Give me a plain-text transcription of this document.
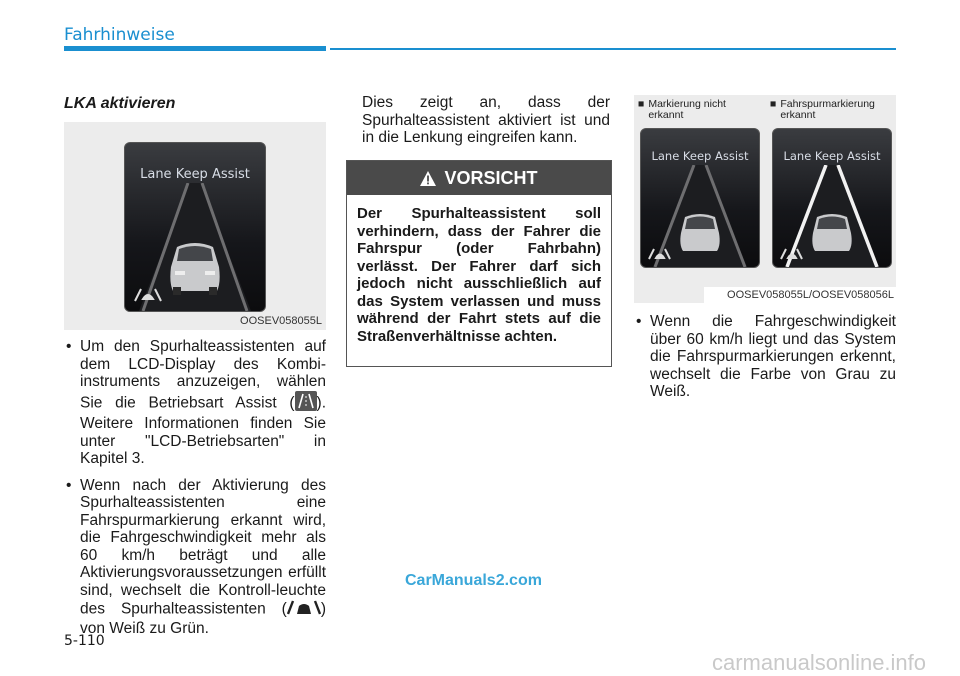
Fahrhinweise
LKA aktivieren
Lane Keep Assist
OOSEV058055L
• Um den Spurhalteassistenten auf dem LCD-Display des Kombi-instruments anzuzeigen, wählen Sie die Betriebsart Assist ( ). Weitere Informationen finden Sie unter "LCD-Betriebsarten" in Kapitel 3.
• Wenn nach der Aktivierung des Spurhalteassistenten eine Fahrspurmarkierung erkannt wird, die Fahrgeschwindigkeit mehr als 60 km/h beträgt und alle Aktivierungsvoraussetzungen erfüllt sind, wechselt die Kontroll-leuchte des Spurhalteassistenten ( ) von Weiß zu Grün.

Dies zeigt an, dass der Spurhalteassistent aktiviert ist und in die Lenkung eingreifen kann.

VORSICHT
Der Spurhalteassistent soll verhindern, dass der Fahrer die Fahrspur (oder Fahrbahn) verlässt. Der Fahrer darf sich jedoch nicht ausschließlich auf das System verlassen und muss während der Fahrt stets auf die Straßenverhältnisse achten.
■ Markierung nicht erkannt
■ Fahrspurmarkierung erkannt
Lane Keep Assist	Lane Keep Assist
OOSEV058055L/OOSEV058056L
• Wenn die Fahrgeschwindigkeit über 60 km/h liegt und das System die Fahrspurmarkierungen erkennt, wechselt die Farbe von Grau zu Weiß.
5-110
CarManuals2.com
carmanualsonline.info
